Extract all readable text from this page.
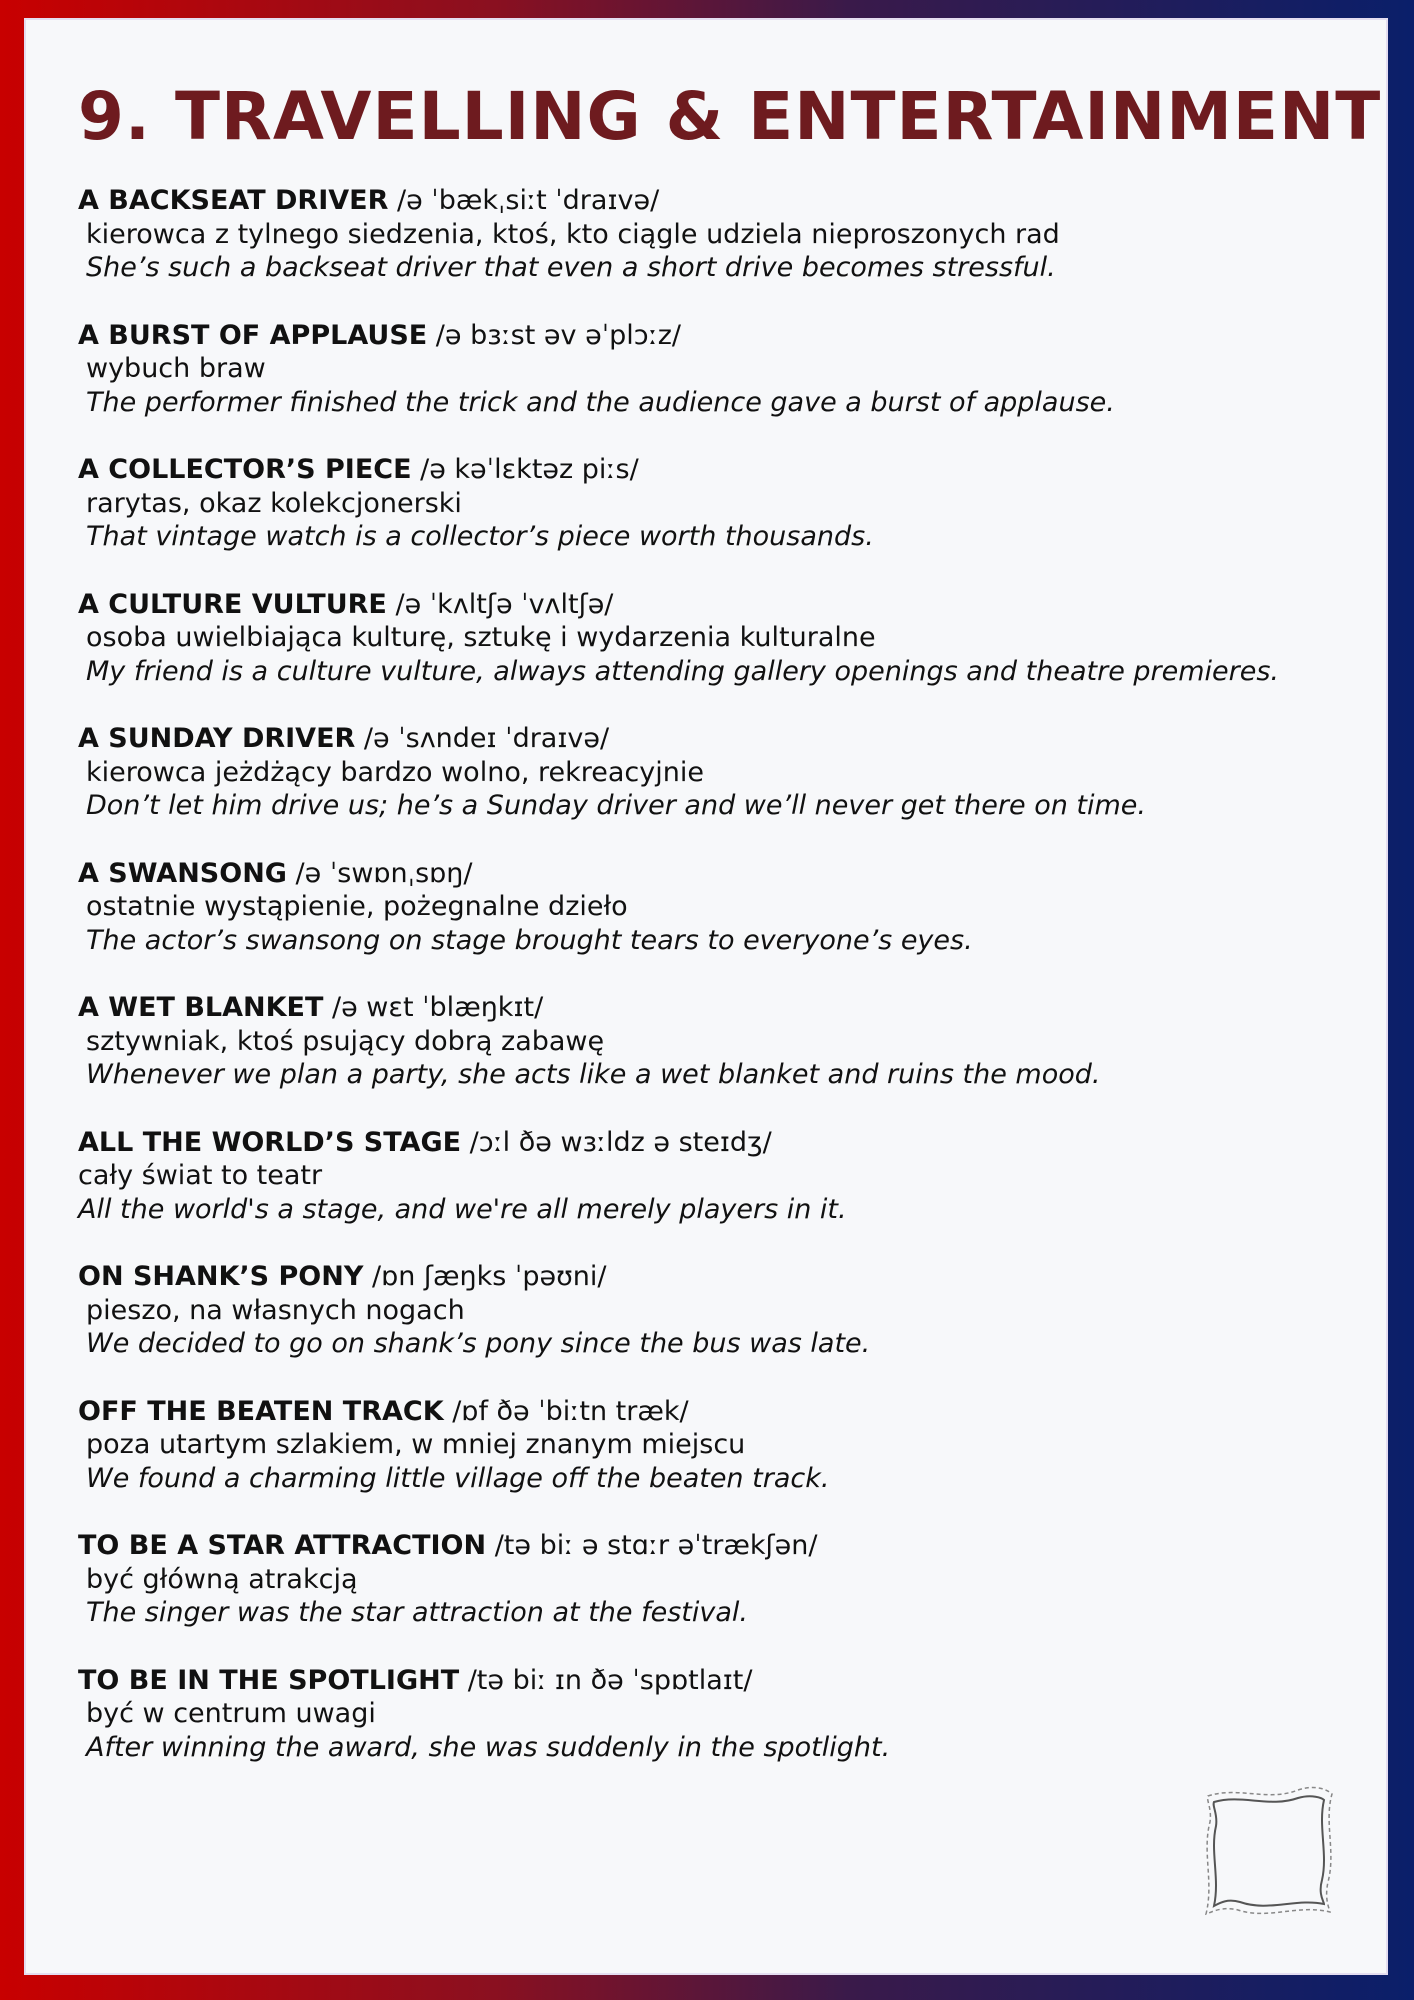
9. TRAVELLING & ENTERTAINMENT
A BACKSEAT DRIVER /ə ˈbækˌsiːt ˈdraɪvə/
kierowca z tylnego siedzenia, ktoś, kto ciągle udziela nieproszonych rad
She’s such a backseat driver that even a short drive becomes stressful.
A BURST OF APPLAUSE /ə bɜːst əv əˈplɔːz/
wybuch braw
The performer finished the trick and the audience gave a burst of applause.
A COLLECTOR’S PIECE /ə kəˈlɛktəz piːs/
rarytas, okaz kolekcjonerski
That vintage watch is a collector’s piece worth thousands.
A CULTURE VULTURE /ə ˈkʌltʃə ˈvʌltʃə/
osoba uwielbiająca kulturę, sztukę i wydarzenia kulturalne
My friend is a culture vulture, always attending gallery openings and theatre premieres.
A SUNDAY DRIVER /ə ˈsʌndeɪ ˈdraɪvə/
kierowca jeżdżący bardzo wolno, rekreacyjnie
Don’t let him drive us; he’s a Sunday driver and we’ll never get there on time.
A SWANSONG /ə ˈswɒnˌsɒŋ/
ostatnie wystąpienie, pożegnalne dzieło
The actor’s swansong on stage brought tears to everyone’s eyes.
A WET BLANKET /ə wɛt ˈblæŋkɪt/
sztywniak, ktoś psujący dobrą zabawę
Whenever we plan a party, she acts like a wet blanket and ruins the mood.
ALL THE WORLD’S STAGE /ɔːl ðə wɜːldz ə steɪdʒ/
cały świat to teatr
All the world's a stage, and we're all merely players in it.
ON SHANK’S PONY /ɒn ʃæŋks ˈpəʊni/
pieszo, na własnych nogach
We decided to go on shank’s pony since the bus was late.
OFF THE BEATEN TRACK /ɒf ðə ˈbiːtn træk/
poza utartym szlakiem, w mniej znanym miejscu
We found a charming little village off the beaten track.
TO BE A STAR ATTRACTION /tə biː ə stɑːr əˈtrækʃən/
być główną atrakcją
The singer was the star attraction at the festival.
TO BE IN THE SPOTLIGHT /tə biː ɪn ðə ˈspɒtlaɪt/
być w centrum uwagi
After winning the award, she was suddenly in the spotlight.
